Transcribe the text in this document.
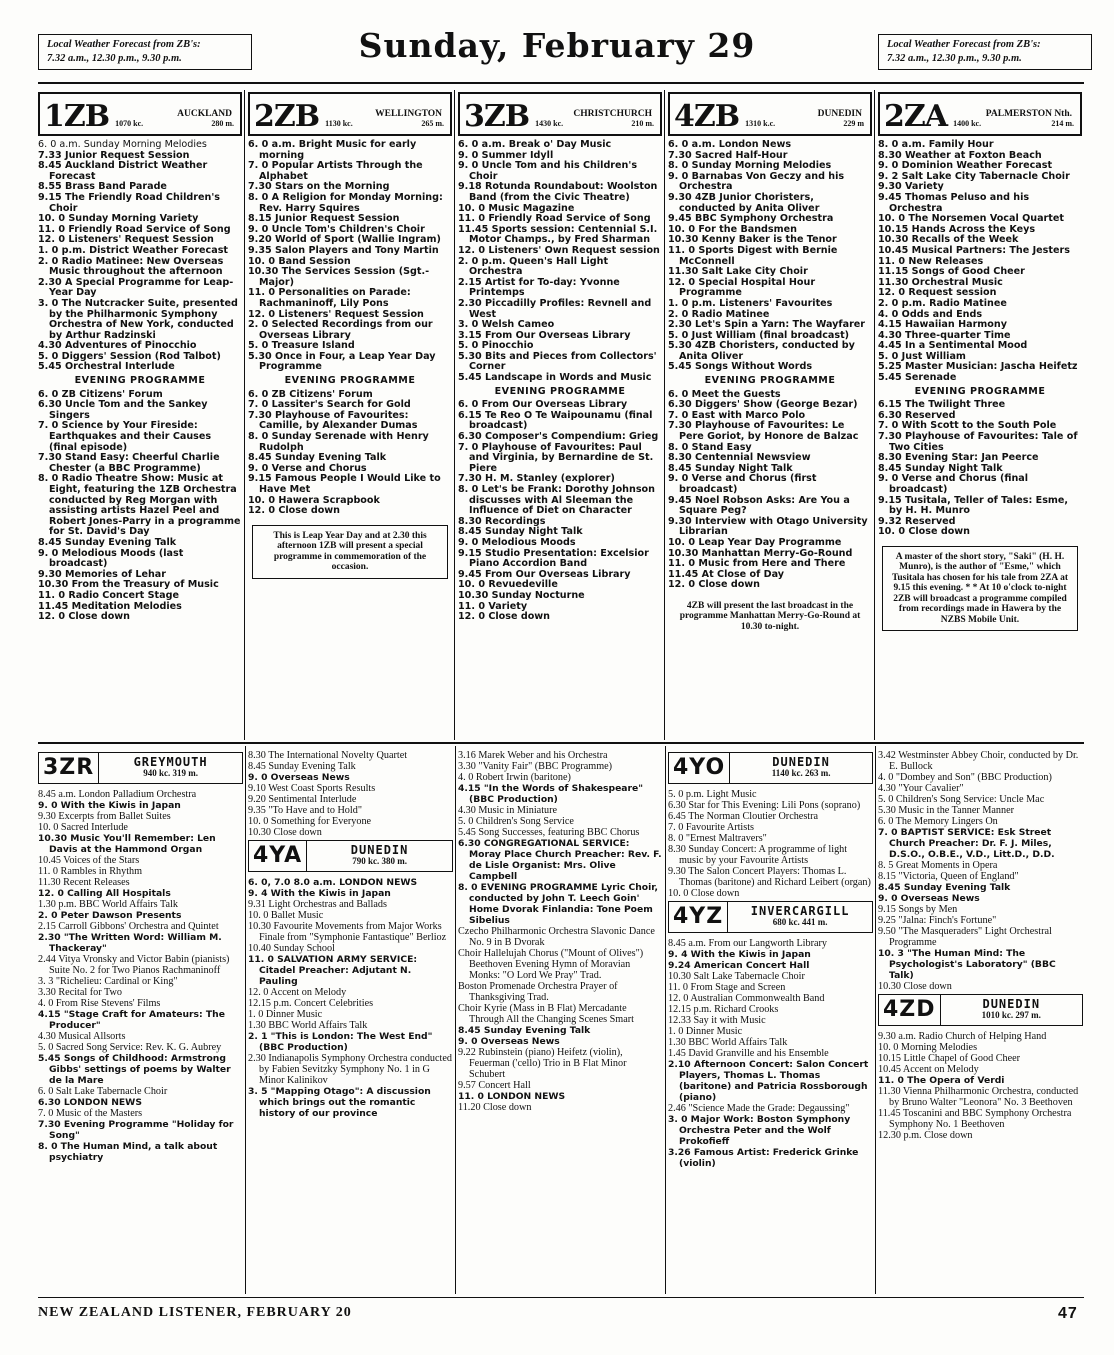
Local Weather Forecast from ZB's:
7.32 a.m., 12.30 p.m., 9.30 p.m.	Sunday, February 29	Local Weather Forecast from ZB's:
7.32 a.m., 12.30 p.m., 9.30 p.m.
1ZB	AUCKLAND
1070 kc.	280 m.

6. 0 a.m. Sunday Morning Melodies

7.33 Junior Request Session

8.45 Auckland District Weather Forecast

8.55 Brass Band Parade

9.15 The Friendly Road Children's Choir

10. 0 Sunday Morning Variety

11. 0 Friendly Road Service of Song

12. 0 Listeners' Request Session

1. 0 p.m. District Weather Forecast

2. 0 Radio Matinee: New Overseas Music throughout the afternoon

2.30 A Special Programme for Leap-Year Day

3. 0 The Nutcracker Suite, presented by the Philharmonic Symphony Orchestra of New York, conducted by Arthur Radzinski

4.30 Adventures of Pinocchio

5. 0 Diggers' Session (Rod Talbot)

5.45 Orchestral Interlude

EVENING PROGRAMME

6. 0 ZB Citizens' Forum

6.30 Uncle Tom and the Sankey Singers

7. 0 Science by Your Fireside: Earthquakes and their Causes (final episode)

7.30 Stand Easy: Cheerful Charlie Chester (a BBC Programme)

8. 0 Radio Theatre Show: Music at Eight, featuring the 1ZB Orchestra conducted by Reg Morgan with assisting artists Hazel Peel and Robert Jones-Parry in a programme for St. David's Day

8.45 Sunday Evening Talk

9. 0 Melodious Moods (last broadcast)

9.30 Memories of Lehar

10.30 From the Treasury of Music

11. 0 Radio Concert Stage

11.45 Meditation Melodies

12. 0 Close down

2ZB	WELLINGTON
1130 kc.	265 m.

6. 0 a.m. Bright Music for early morning

7. 0 Popular Artists Through the Alphabet

7.30 Stars on the Morning

8. 0 A Religion for Monday Morning: Rev. Harry Squires

8.15 Junior Request Session

9. 0 Uncle Tom's Children's Choir

9.20 World of Sport (Wallie Ingram)

9.35 Salon Players and Tony Martin

10. 0 Band Session

10.30 The Services Session (Sgt.-Major)

11. 0 Personalities on Parade: Rachmaninoff, Lily Pons

12. 0 Listeners' Request Session

2. 0 Selected Recordings from our Overseas Library

5. 0 Treasure Island

5.30 Once in Four, a Leap Year Day Programme

EVENING PROGRAMME

6. 0 ZB Citizens' Forum

7. 0 Lassiter's Search for Gold

7.30 Playhouse of Favourites: Camille, by Alexander Dumas

8. 0 Sunday Serenade with Henry Rudolph

8.45 Sunday Evening Talk

9. 0 Verse and Chorus

9.15 Famous People I Would Like to Have Met

10. 0 Hawera Scrapbook

12. 0 Close down

This is Leap Year Day and at 2.30 this afternoon 1ZB will present a special programme in commemoration of the occasion.
3ZB	CHRISTCHURCH
1430 kc.	210 m.

6. 0 a.m. Break o' Day Music

9. 0 Summer Idyll

9. 0 Uncle Tom and his Children's Choir

9.18 Rotunda Roundabout: Woolston Band (from the Civic Theatre)

10. 0 Music Magazine

11. 0 Friendly Road Service of Song

11.45 Sports session: Centennial S.I. Motor Champs., by Fred Sharman

12. 0 Listeners' Own Request session

2. 0 p.m. Queen's Hall Light Orchestra

2.15 Artist for To-day: Yvonne Printemps

2.30 Piccadilly Profiles: Revnell and West

3. 0 Welsh Cameo

3.15 From Our Overseas Library

5. 0 Pinocchio

5.30 Bits and Pieces from Collectors' Corner

5.45 Landscape in Words and Music

EVENING PROGRAMME

6. 0 From Our Overseas Library

6.15 Te Reo O Te Waipounamu (final broadcast)

6.30 Composer's Compendium: Grieg

7. 0 Playhouse of Favourites: Paul and Virginia, by Bernardine de St. Piere

7.30 H. M. Stanley (explorer)

8. 0 Let's be Frank: Dorothy Johnson discusses with Al Sleeman the Influence of Diet on Character

8.30 Recordings

8.45 Sunday Night Talk

9. 0 Melodious Moods

9.15 Studio Presentation: Excelsior Piano Accordion Band

9.45 From Our Overseas Library

10. 0 Revuedeville

10.30 Sunday Nocturne

11. 0 Variety

12. 0 Close down

4ZB	DUNEDIN
1310 k.c.	229 m

6. 0 a.m. London News

7.30 Sacred Half-Hour

8. 0 Sunday Morning Melodies

9. 0 Barnabas Von Geczy and his Orchestra

9.30 4ZB Junior Choristers, conducted by Anita Oliver

9.45 BBC Symphony Orchestra

10. 0 For the Bandsmen

10.30 Kenny Baker is the Tenor

11. 0 Sports Digest with Bernie McConnell

11.30 Salt Lake City Choir

12. 0 Special Hospital Hour Programme

1. 0 p.m. Listeners' Favourites

2. 0 Radio Matinee

2.30 Let's Spin a Yarn: The Wayfarer

5. 0 Just William (final broadcast)

5.30 4ZB Choristers, conducted by Anita Oliver

5.45 Songs Without Words

EVENING PROGRAMME

6. 0 Meet the Guests

6.30 Diggers' Show (George Bezar)

7. 0 East with Marco Polo

7.30 Playhouse of Favourites: Le Pere Goriot, by Honore de Balzac

8. 0 Stand Easy

8.30 Centennial Newsview

8.45 Sunday Night Talk

9. 0 Verse and Chorus (first broadcast)

9.45 Noel Robson Asks: Are You a Square Peg?

9.30 Interview with Otago University Librarian

10. 0 Leap Year Day Programme

10.30 Manhattan Merry-Go-Round

11. 0 Music from Here and There

11.45 At Close of Day

12. 0 Close down

4ZB will present the last broadcast in the programme Manhattan Merry-Go-Round at 10.30 to-night.
2ZA	PALMERSTON Nth.
1400 kc.	214 m.

8. 0 a.m. Family Hour

8.30 Weather at Foxton Beach

9. 0 Dominion Weather Forecast

9. 2 Salt Lake City Tabernacle Choir

9.30 Variety

9.45 Thomas Peluso and his Orchestra

10. 0 The Norsemen Vocal Quartet

10.15 Hands Across the Keys

10.30 Recalls of the Week

10.45 Musical Partners: The Jesters

11. 0 New Releases

11.15 Songs of Good Cheer

11.30 Orchestral Music

12. 0 Request session

2. 0 p.m. Radio Matinee

4. 0 Odds and Ends

4.15 Hawaiian Harmony

4.30 Three-quarter Time

4.45 In a Sentimental Mood

5. 0 Just William

5.25 Master Musician: Jascha Heifetz

5.45 Serenade

EVENING PROGRAMME

6.15 The Twilight Three

6.30 Reserved

7. 0 With Scott to the South Pole

7.30 Playhouse of Favourites: Tale of Two Cities

8.30 Evening Star: Jan Peerce

8.45 Sunday Night Talk

9. 0 Verse and Chorus (final broadcast)

9.15 Tusitala, Teller of Tales: Esme, by H. H. Munro

9.32 Reserved

10. 0 Close down

A master of the short story, "Saki" (H. H. Munro), is the author of "Esme," which Tusitala has chosen for his tale from 2ZA at 9.15 this evening. * * At 10 o'clock to-night 2ZB will broadcast a programme compiled from recordings made in Hawera by the NZBS Mobile Unit.
3ZR	GREYMOUTH
940 kc. 319 m.

8.45 a.m. London Palladium Orchestra

9. 0 With the Kiwis in Japan

9.30 Excerpts from Ballet Suites

10. 0 Sacred Interlude

10.30 Music You'll Remember: Len Davis at the Hammond Organ

10.45 Voices of the Stars

11. 0 Rambles in Rhythm

11.30 Recent Releases

12. 0 Calling All Hospitals

1.30 p.m. BBC World Affairs Talk

2. 0 Peter Dawson Presents

2.15 Carroll Gibbons' Orchestra and Quintet

2.30 "The Written Word: William M. Thackeray"

2.44 Vitya Vronsky and Victor Babin (pianists) Suite No. 2 for Two Pianos Rachmaninoff

3. 3 "Richelieu: Cardinal or King"

3.30 Recital for Two

4. 0 From Rise Stevens' Films

4.15 "Stage Craft for Amateurs: The Producer"

4.30 Musical Allsorts

5. 0 Sacred Song Service: Rev. K. G. Aubrey

5.45 Songs of Childhood: Armstrong Gibbs' settings of poems by Walter de la Mare

6. 0 Salt Lake Tabernacle Choir

6.30 LONDON NEWS

7. 0 Music of the Masters

7.30 Evening Programme "Holiday for Song"

8. 0 The Human Mind, a talk about psychiatry

8.30 The International Novelty Quartet

8.45 Sunday Evening Talk

9. 0 Overseas News

9.10 West Coast Sports Results

9.20 Sentimental Interlude

9.35 "To Have and to Hold"

10. 0 Something for Everyone

10.30 Close down

4YA	DUNEDIN
790 kc. 380 m.

6. 0, 7.0 8.0 a.m. LONDON NEWS

9. 4 With the Kiwis in Japan

9.31 Light Orchestras and Ballads

10. 0 Ballet Music

10.30 Favourite Movements from Major Works Finale from "Symphonie Fantastique" Berlioz

10.40 Sunday School

11. 0 SALVATION ARMY SERVICE: Citadel Preacher: Adjutant N. Pauling

12. 0 Accent on Melody

12.15 p.m. Concert Celebrities

1. 0 Dinner Music

1.30 BBC World Affairs Talk

2. 1 "This is London: The West End" (BBC Production)

2.30 Indianapolis Symphony Orchestra conducted by Fabien Sevitzky Symphony No. 1 in G Minor Kalinikov

3. 5 "Mapping Otago": A discussion which brings out the romantic history of our province

3.16 Marek Weber and his Orchestra

3.30 "Vanity Fair" (BBC Programme)

4. 0 Robert Irwin (baritone)

4.15 "In the Words of Shakespeare" (BBC Production)

4.30 Music in Miniature

5. 0 Children's Song Service

5.45 Song Successes, featuring BBC Chorus

6.30 CONGREGATIONAL SERVICE: Moray Place Church Preacher: Rev. F. de Lisle Organist: Mrs. Olive Campbell

8. 0 EVENING PROGRAMME Lyric Choir, conducted by John T. Leech Goin' Home Dvorak Finlandia: Tone Poem Sibelius

Czecho Philharmonic Orchestra Slavonic Dance No. 9 in B Dvorak

Choir Hallelujah Chorus ("Mount of Olives") Beethoven Evening Hymn of Moravian Monks: "O Lord We Pray" Trad.

Boston Promenade Orchestra Prayer of Thanksgiving Trad.

Choir Kyrie (Mass in B Flat) Mercadante Through All the Changing Scenes Smart

8.45 Sunday Evening Talk

9. 0 Overseas News

9.22 Rubinstein (piano) Heifetz (violin), Feuerman ('cello) Trio in B Flat Minor Schubert

9.57 Concert Hall

11. 0 LONDON NEWS

11.20 Close down

4YO	DUNEDIN
1140 kc. 263 m.

5. 0 p.m. Light Music

6.30 Star for This Evening: Lili Pons (soprano)

6.45 The Norman Cloutier Orchestra

7. 0 Favourite Artists

8. 0 "Ernest Maltravers"

8.30 Sunday Concert: A programme of light music by your Favourite Artists

9.30 The Salon Concert Players: Thomas L. Thomas (baritone) and Richard Leibert (organ)

10. 0 Close down

4YZ	INVERCARGILL
680 kc. 441 m.

8.45 a.m. From our Langworth Library

9. 4 With the Kiwis in Japan

9.24 American Concert Hall

10.30 Salt Lake Tabernacle Choir

11. 0 From Stage and Screen

12. 0 Australian Commonwealth Band

12.15 p.m. Richard Crooks

12.33 Say it with Music

1. 0 Dinner Music

1.30 BBC World Affairs Talk

1.45 David Granville and his Ensemble

2.10 Afternoon Concert: Salon Concert Players, Thomas L. Thomas (baritone) and Patricia Rossborough (piano)

2.46 "Science Made the Grade: Degaussing"

3. 0 Major Work: Boston Symphony Orchestra Peter and the Wolf Prokofieff

3.26 Famous Artist: Frederick Grinke (violin)

3.42 Westminster Abbey Choir, conducted by Dr. E. Bullock

4. 0 "Dombey and Son" (BBC Production)

4.30 "Your Cavalier"

5. 0 Children's Song Service: Uncle Mac

5.30 Music in the Tanner Manner

6. 0 The Memory Lingers On

7. 0 BAPTIST SERVICE: Esk Street Church Preacher: Dr. F. J. Miles, D.S.O., O.B.E., V.D., Litt.D., D.D.

8. 5 Great Moments in Opera

8.15 "Victoria, Queen of England"

8.45 Sunday Evening Talk

9. 0 Overseas News

9.15 Songs by Men

9.25 "Jalna: Finch's Fortune"

9.50 "The Masqueraders" Light Orchestral Programme

10. 3 "The Human Mind: The Psychologist's Laboratory" (BBC Talk)

10.30 Close down

4ZD	DUNEDIN
1010 kc. 297 m.

9.30 a.m. Radio Church of Helping Hand

10. 0 Morning Melodies

10.15 Little Chapel of Good Cheer

10.45 Accent on Melody

11. 0 The Opera of Verdi

11.30 Vienna Philharmonic Orchestra, conducted by Bruno Walter "Leonora" No. 3 Beethoven

11.45 Toscanini and BBC Symphony Orchestra Symphony No. 1 Beethoven

12.30 p.m. Close down

NEW ZEALAND LISTENER, FEBRUARY 20	47
